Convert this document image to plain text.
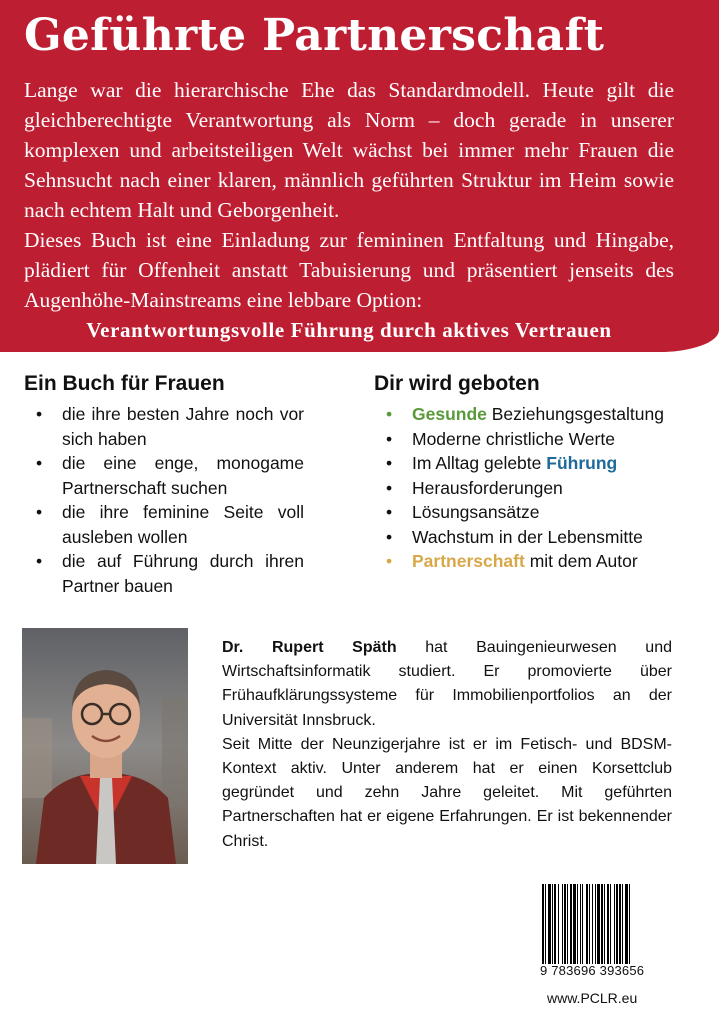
Geführte Partnerschaft

Lange war die hierarchische Ehe das Standardmodell. Heute gilt die gleichberechtigte Verantwortung als Norm – doch gerade in unserer komplexen und arbeitsteiligen Welt wächst bei immer mehr Frauen die Sehnsucht nach einer klaren, männlich geführten Struktur im Heim sowie nach echtem Halt und Geborgenheit.

Dieses Buch ist eine Einladung zur femininen Entfaltung und Hingabe, plädiert für Offenheit anstatt Tabuisierung und präsentiert jenseits des Augenhöhe-Mainstreams eine lebbare Option:

Verantwortungsvolle Führung durch aktives Vertrauen

Ein Buch für Frauen
• die ihre besten Jahre noch vor sich haben
• die eine enge, monogame Partnerschaft suchen
• die ihre feminine Seite voll ausleben wollen
• die auf Führung durch ihren Partner bauen
Dir wird geboten
• Gesunde Beziehungsgestaltung
• Moderne christliche Werte
• Im Alltag gelebte Führung
• Herausforderungen
• Lösungsansätze
• Wachstum in der Lebensmitte
• Partnerschaft mit dem Autor

Dr. Rupert Späth hat Bauingenieurwesen und Wirtschaftsinformatik studiert. Er promovierte über Frühaufklärungssysteme für Immobilienportfolios an der Universität Innsbruck.

Seit Mitte der Neunzigerjahre ist er im Fetisch- und BDSM-Kontext aktiv. Unter anderem hat er einen Korsettclub gegründet und zehn Jahre geleitet. Mit geführten Partnerschaften hat er eigene Erfahrungen. Er ist bekennender Christ.

9 783696 393656
www.PCLR.eu
